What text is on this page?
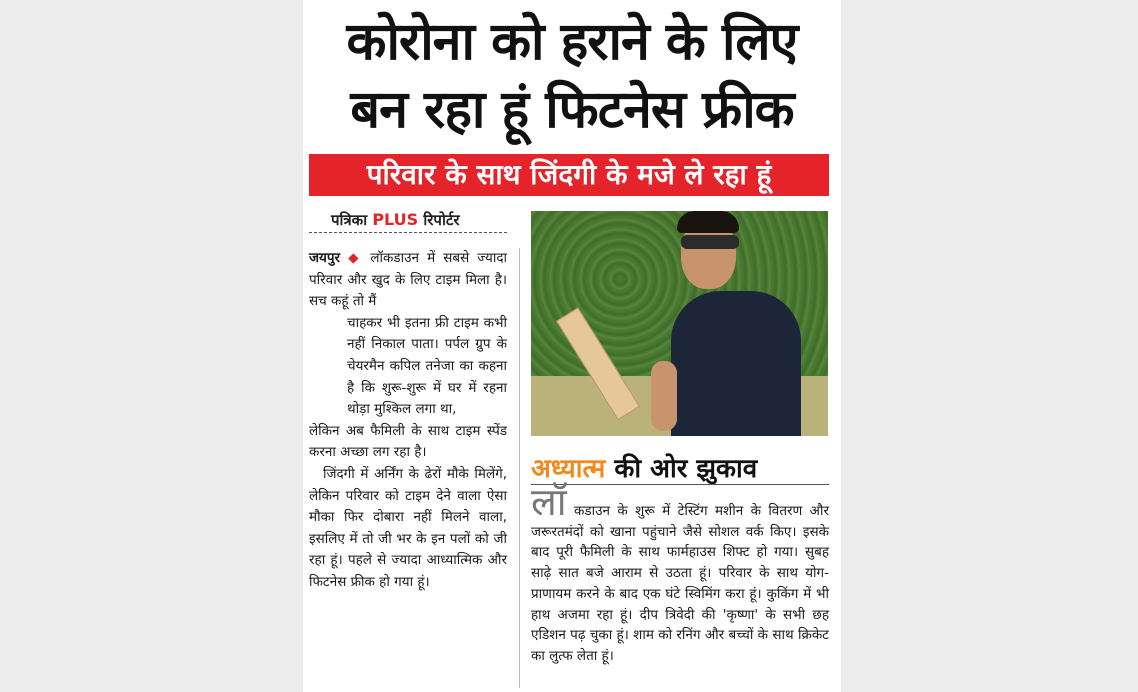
कोरोना को हराने के लिए
बन रहा हूं फिटनेस फ्रीक
परिवार के साथ जिंदगी के मजे ले रहा हूं
पत्रिका PLUS रिपोर्टर

जयपुर ◆ लॉकडाउन में सबसे ज्यादा परिवार और खुद के लिए टाइम मिला है। सच कहूं तो मैं

चाहकर भी इतना फ्री टाइम कभी नहीं निकाल पाता। पर्पल ग्रुप के चेयरमैन कपिल तनेजा का कहना है कि शुरू-शुरू में घर में रहना थोड़ा मुश्किल लगा था,

लेकिन अब फैमिली के साथ टाइम स्पेंड करना अच्छा लग रहा है।

जिंदगी में अर्निंग के ढेरों मौके मिलेंगे, लेकिन परिवार को टाइम देने वाला ऐसा मौका फिर दोबारा नहीं मिलने वाला, इसलिए में तो जी भर के इन पलों को जी रहा हूं। पहले से ज्यादा आध्यात्मिक और फिटनेस फ्रीक हो गया हूं।

अध्यात्म की ओर झुकाव

लॉ कडाउन के शुरू में टेस्टिंग मशीन के वितरण और जरूरतमंदों को खाना पहुंचाने जैसे सोशल वर्क किए। इसके बाद पूरी फैमिली के साथ फार्महाउस शिफ्ट हो गया। सुबह साढ़े सात बजे आराम से उठता हूं। परिवार के साथ योग-प्राणायम करने के बाद एक घंटे स्विमिंग करा हूं। कुकिंग में भी हाथ अजमा रहा हूं। दीप त्रिवेदी की 'कृष्णा' के सभी छह एडिशन पढ़ चुका हूं। शाम को रनिंग और बच्चों के साथ क्रिकेट का लुत्फ लेता हूं।
